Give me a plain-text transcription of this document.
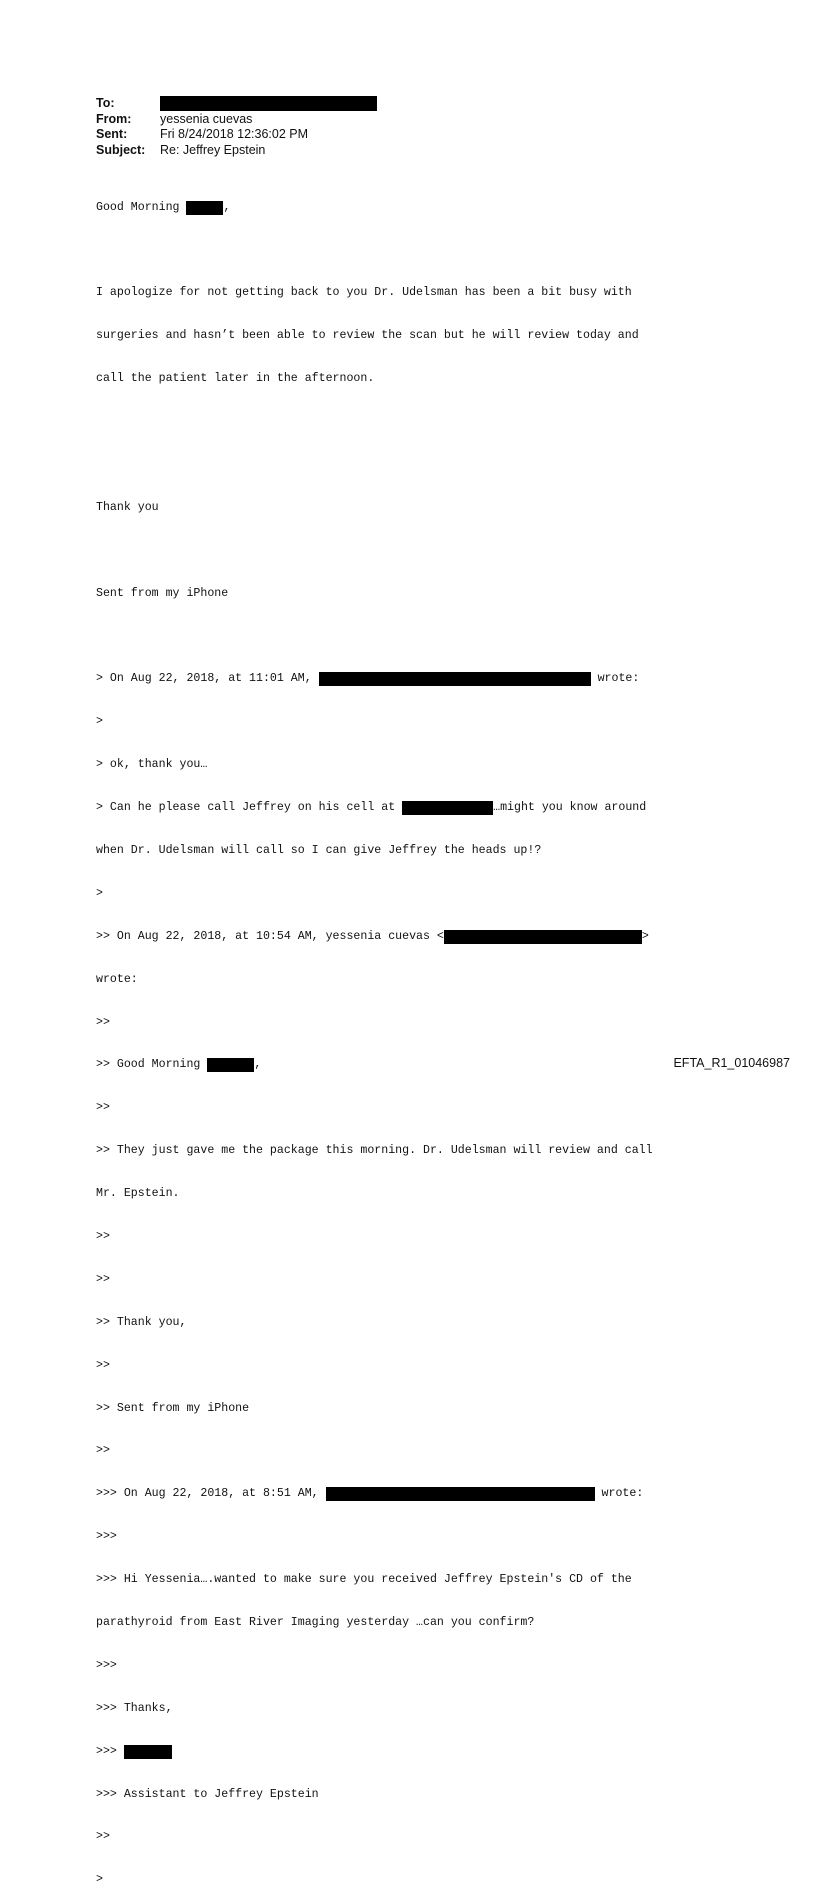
To:
From:	yessenia cuevas
Sent:	Fri 8/24/2018 12:36:02 PM
Subject:	Re: Jeffrey Epstein

Good Morning	,

I apologize for not getting back to you Dr. Udelsman has been a bit busy with

surgeries and hasn’t been able to review the scan but he will review today and

call the patient later in the afternoon.

Thank you

Sent from my iPhone

> On Aug 22, 2018, at 11:01 AM,	wrote:

>

> ok, thank you…

> Can he please call Jeffrey on his cell at	…might you know around

when Dr. Udelsman will call so I can give Jeffrey the heads up!?

>

>> On Aug 22, 2018, at 10:54 AM, yessenia cuevas <	>

wrote:

>>

>> Good Morning	,

>>

>> They just gave me the package this morning. Dr. Udelsman will review and call

Mr. Epstein.

>>

>>

>> Thank you,

>>

>> Sent from my iPhone

>>

>>> On Aug 22, 2018, at 8:51 AM,	wrote:

>>>

>>> Hi Yessenia….wanted to make sure you received Jeffrey Epstein's CD of the

parathyroid from East River Imaging yesterday …can you confirm?

>>>

>>> Thanks,

>>>

>>> Assistant to Jeffrey Epstein

>>

>

EFTA_R1_01046987
